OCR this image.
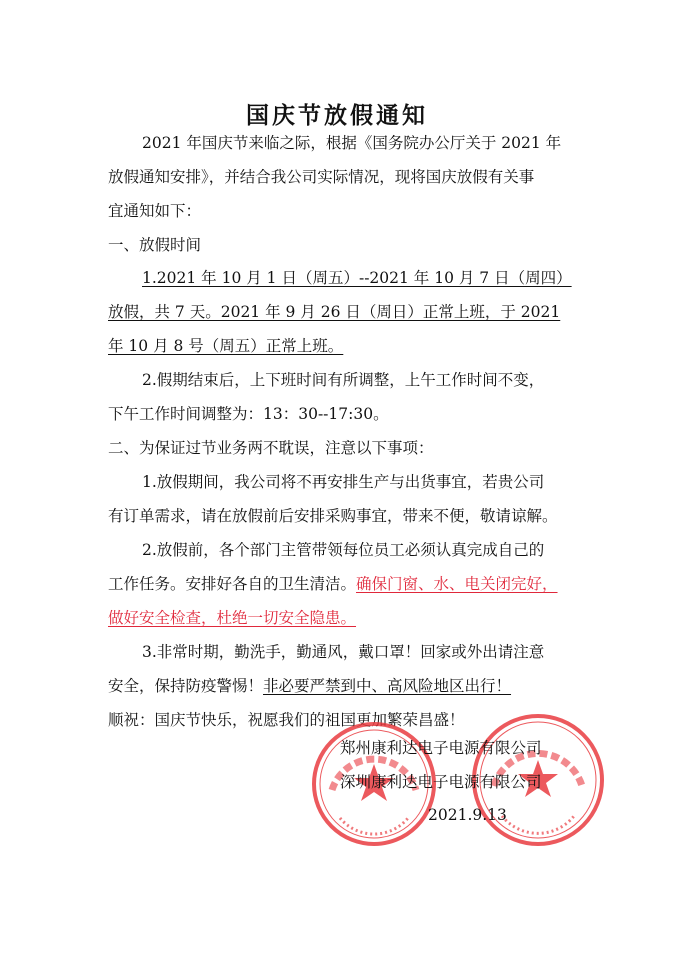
国庆节放假通知
2021 年国庆节来临之际，根据《国务院办公厅关于 2021 年
放假通知安排》，并结合我公司实际情况，现将国庆放假有关事
宜通知如下：
一、放假时间
1.2021 年 10 月 1 日（周五）--2021 年 10 月 7 日（周四）
放假，共 7 天。2021 年 9 月 26 日（周日）正常上班，于 2021
年 10 月 8 号（周五）正常上班。
2.假期结束后，上下班时间有所调整，上午工作时间不变，
下午工作时间调整为：13：30--17:30。
二、为保证过节业务两不耽误，注意以下事项：
1.放假期间，我公司将不再安排生产与出货事宜，若贵公司
有订单需求，请在放假前后安排采购事宜，带来不便，敬请谅解。
2.放假前，各个部门主管带领每位员工必须认真完成自己的
工作任务。安排好各自的卫生清洁。确保门窗、水、电关闭完好，
做好安全检查，杜绝一切安全隐患。
3.非常时期，勤洗手，勤通风，戴口罩！回家或外出请注意
安全，保持防疫警惕！非必要严禁到中、高风险地区出行！
顺祝：国庆节快乐，祝愿我们的祖国更加繁荣昌盛！
郑州康利达电子电源有限公司
深圳康利达电子电源有限公司
2021.9.13
